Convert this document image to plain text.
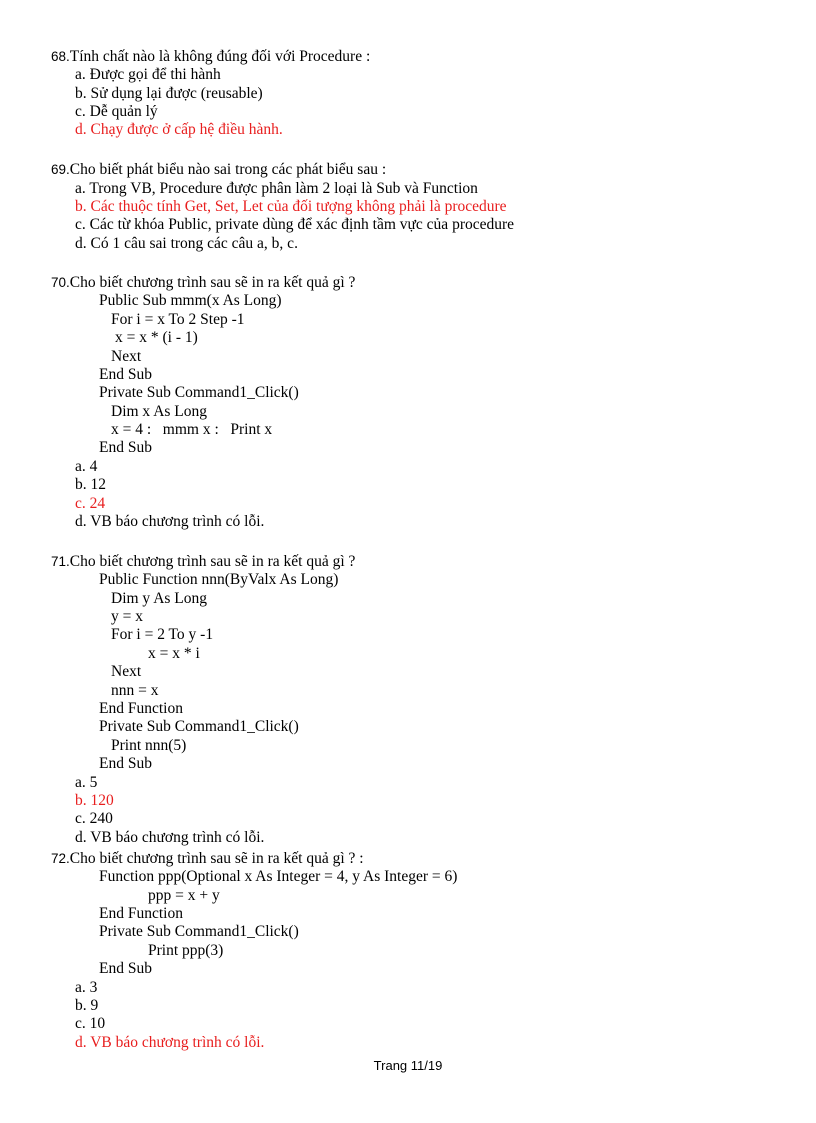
68.Tính chất nào là không đúng đối với Procedure :
a. Được gọi để thi hành
b. Sử dụng lại được (reusable)
c. Dễ quản lý
d. Chạy được ở cấp hệ điều hành.
69.Cho biết phát biểu nào sai trong các phát biểu sau :
a. Trong VB, Procedure được phân làm 2 loại là Sub và Function
b. Các thuộc tính Get, Set, Let của đối tượng không phải là procedure
c. Các từ khóa Public, private dùng để xác định tầm vực của procedure
d. Có 1 câu sai trong các câu a, b, c.
70.Cho biết chương trình sau sẽ in ra kết quả gì ?
Public Sub mmm(x As Long)
For i = x To 2 Step -1
x = x * (i - 1)
Next
End Sub
Private Sub Command1_Click()
Dim x As Long
x = 4 :   mmm x :   Print x
End Sub
a. 4
b. 12
c. 24
d. VB báo chương trình có lỗi.
71.Cho biết chương trình sau sẽ in ra kết quả gì ?
Public Function nnn(ByValx As Long)
Dim y As Long
y = x
For i = 2 To y -1
x = x * i
Next
nnn = x
End Function
Private Sub Command1_Click()
Print nnn(5)
End Sub
a. 5
b. 120
c. 240
d. VB báo chương trình có lỗi.
72.Cho biết chương trình sau sẽ in ra kết quả gì ? :
Function ppp(Optional x As Integer = 4, y As Integer = 6)
ppp = x + y
End Function
Private Sub Command1_Click()
Print ppp(3)
End Sub
a. 3
b. 9
c. 10
d. VB báo chương trình có lỗi.
Trang 11/19
